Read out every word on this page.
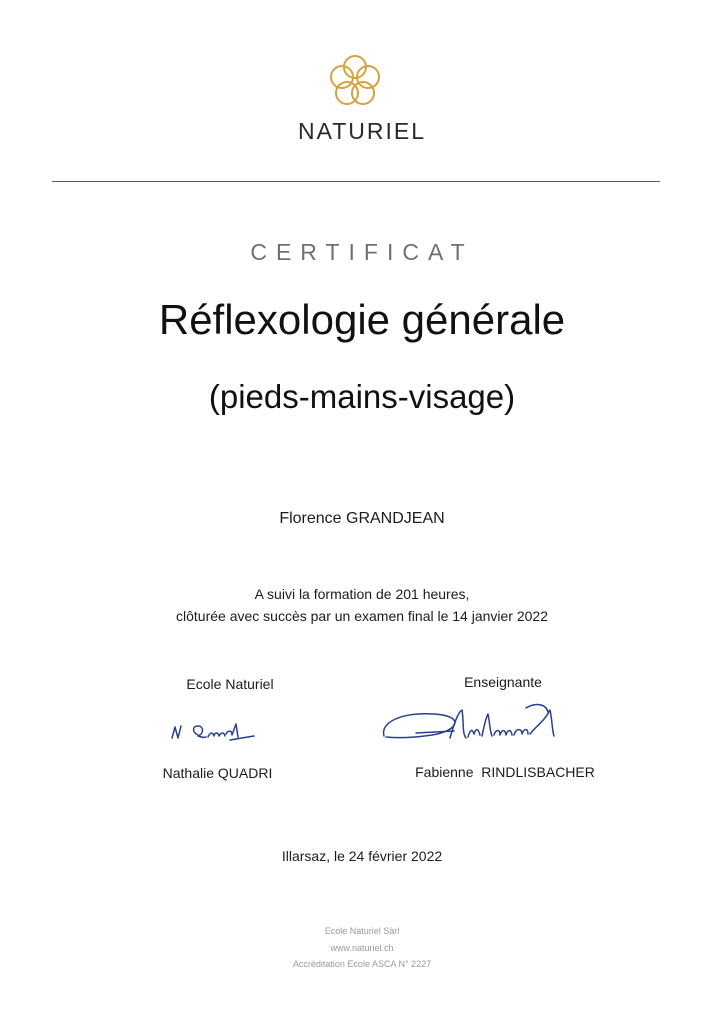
NATURIEL
CERTIFICAT
Réflexologie générale
(pieds-mains-visage)
Florence GRANDJEAN
A suivi la formation de 201 heures,
clôturée avec succès par un examen final le 14 janvier 2022
Ecole Naturiel	Enseignante
Nathalie QUADRI	Fabienne  RINDLISBACHER
Illarsaz, le 24 février 2022
Ecole Naturiel Sàrl
www.naturiel.ch
Accréditation Ecole ASCA N° 2227
